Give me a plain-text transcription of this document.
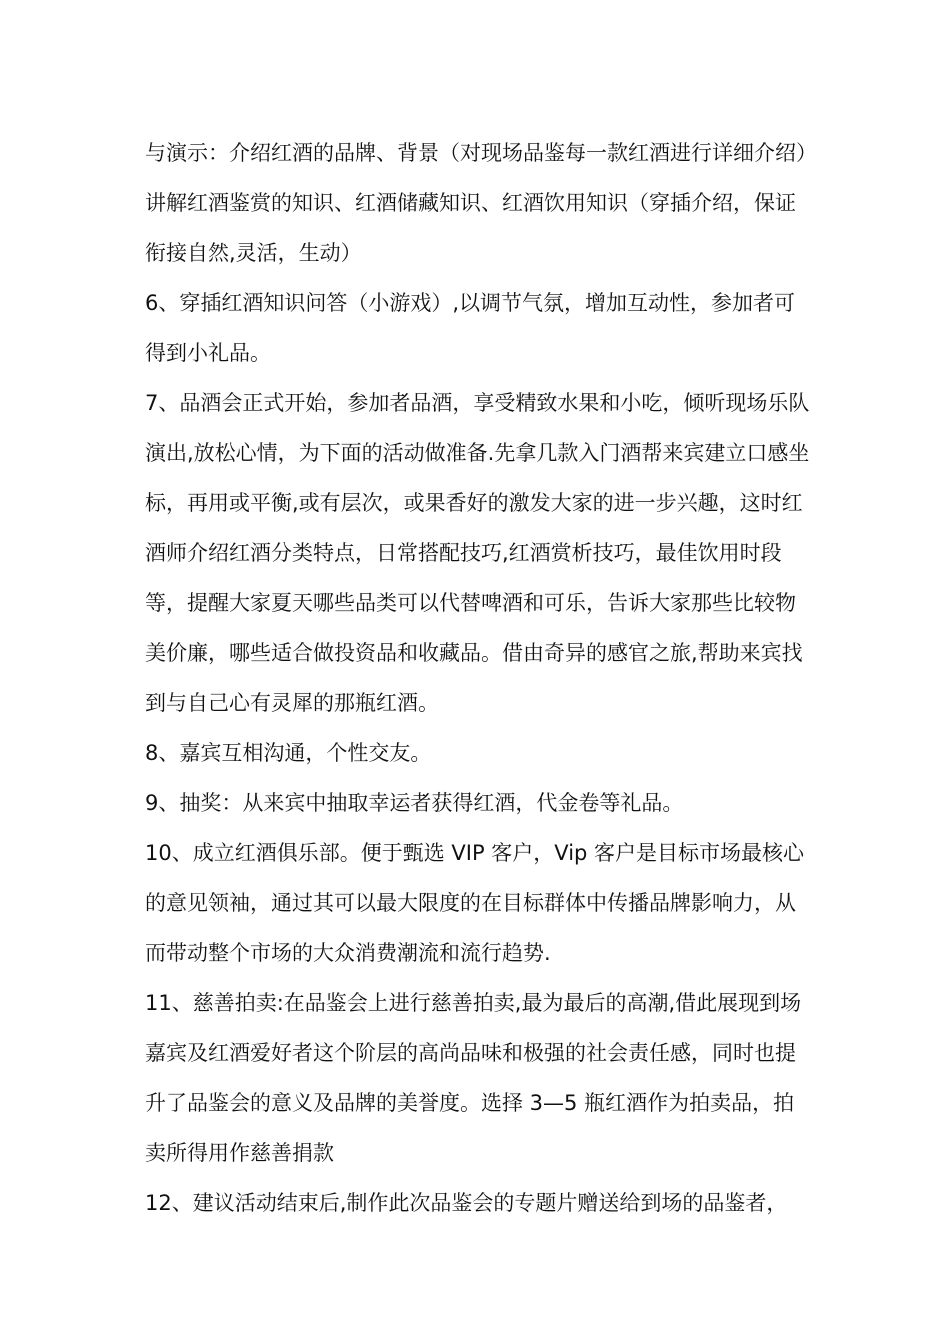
与演示：介绍红酒的品牌、背景（对现场品鉴每一款红酒进行详细介绍）讲解红酒鉴赏的知识、红酒储藏知识、红酒饮用知识（穿插介绍，保证衔接自然,灵活，生动）

6、穿插红酒知识问答（小游戏）,以调节气氛，增加互动性，参加者可得到小礼品。

7、品酒会正式开始，参加者品酒，享受精致水果和小吃，倾听现场乐队演出,放松心情，为下面的活动做准备.先拿几款入门酒帮来宾建立口感坐标，再用或平衡,或有层次，或果香好的激发大家的进一步兴趣，这时红酒师介绍红酒分类特点，日常搭配技巧,红酒赏析技巧，最佳饮用时段等，提醒大家夏天哪些品类可以代替啤酒和可乐，告诉大家那些比较物美价廉，哪些适合做投资品和收藏品。借由奇异的感官之旅,帮助来宾找到与自己心有灵犀的那瓶红酒。

8、嘉宾互相沟通，个性交友。

9、抽奖：从来宾中抽取幸运者获得红酒，代金卷等礼品。

10、成立红酒俱乐部。便于甄选 VIP 客户，Vip 客户是目标市场最核心的意见领袖，通过其可以最大限度的在目标群体中传播品牌影响力，从而带动整个市场的大众消费潮流和流行趋势.

11、慈善拍卖:在品鉴会上进行慈善拍卖,最为最后的高潮,借此展现到场嘉宾及红酒爱好者这个阶层的高尚品味和极强的社会责任感，同时也提升了品鉴会的意义及品牌的美誉度。选择 3—5 瓶红酒作为拍卖品，拍卖所得用作慈善捐款

12、建议活动结束后,制作此次品鉴会的专题片赠送给到场的品鉴者，
